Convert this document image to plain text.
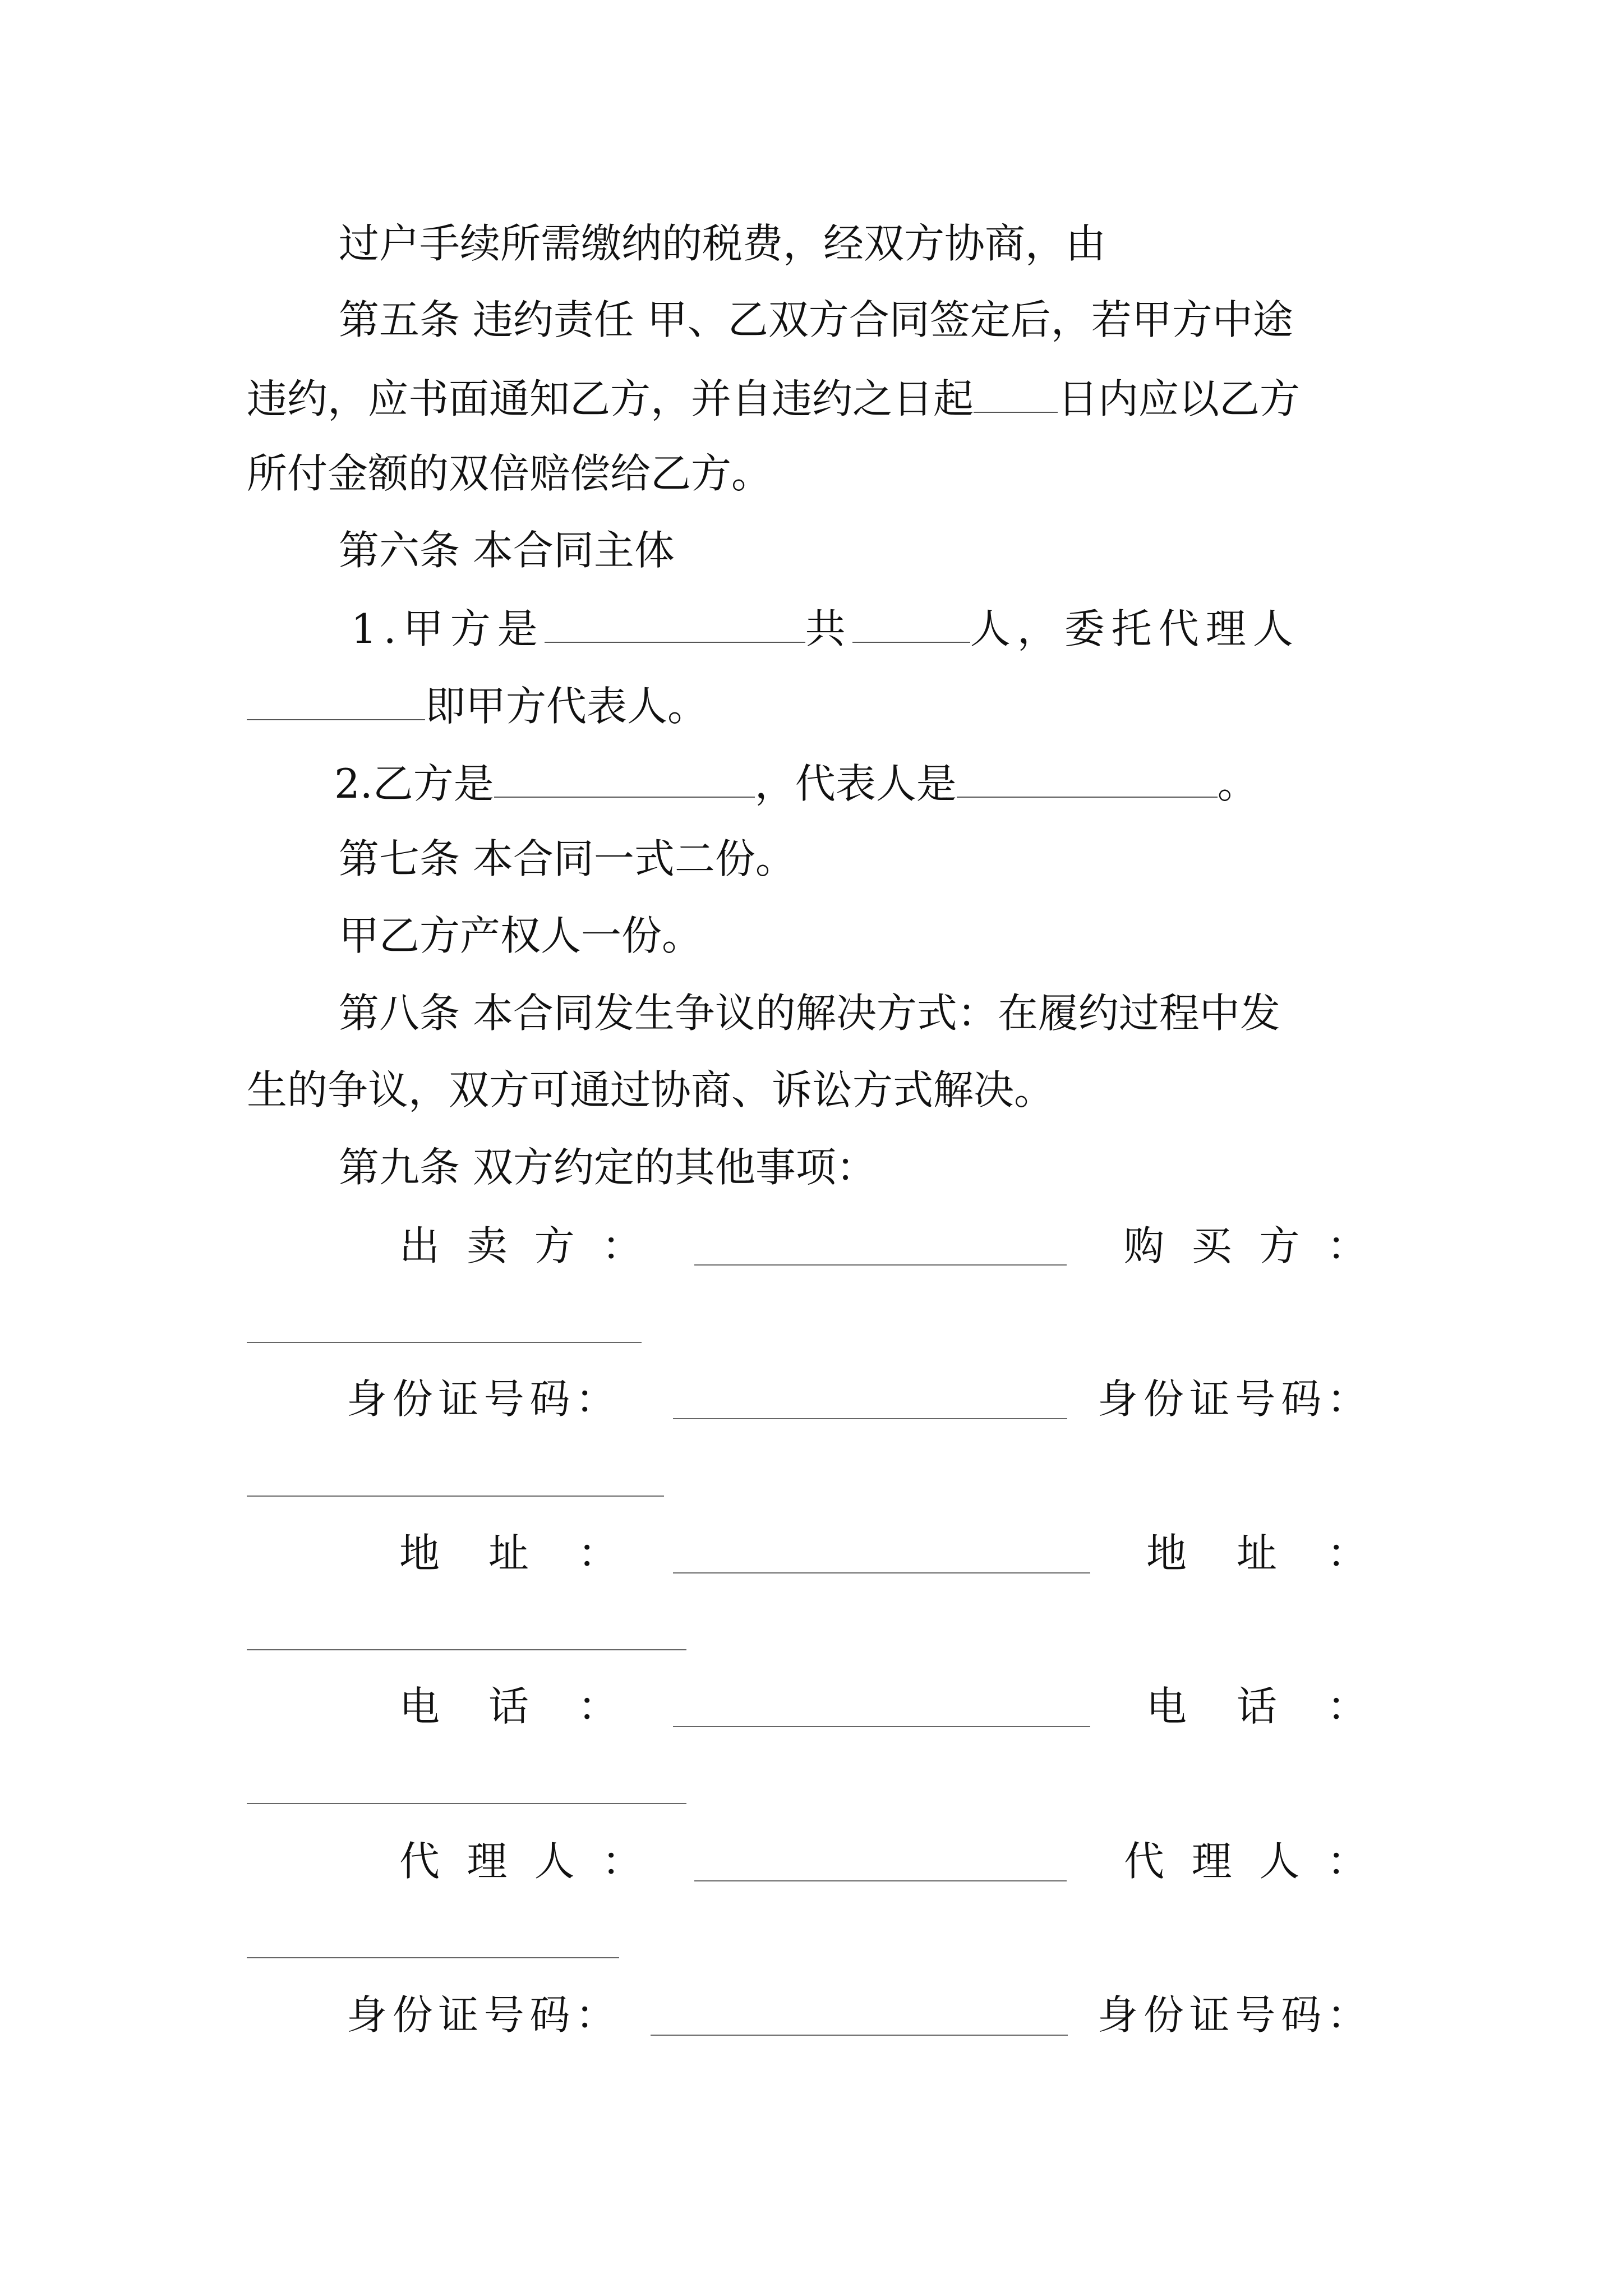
过户手续所需缴纳的税费，经双方协商，由
第五条 违约责任 甲、乙双方合同签定后，若甲方中途
违约，应书面通知乙方，并自违约之日起 日内应以乙方
所付金额的双倍赔偿给乙方。
第六条 本合同主体
1.甲方是	共	人，委托代理人
即甲方代表人。
2.乙方是	，代表人是	。
第七条 本合同一式二份。
甲乙方产权人一份。
第八条 本合同发生争议的解决方式：在履约过程中发
生的争议，双方可通过协商、诉讼方式解决。
第九条 双方约定的其他事项：
出 卖 方 ：	购 买 方 ：
身 份 证 号 码 ：	身 份 证 号 码 ：
地 址 ：	地 址 ：
电 话 ：	电 话 ：
代 理 人 ：	代 理 人 ：
身 份 证 号 码 ：	身 份 证 号 码 ：
